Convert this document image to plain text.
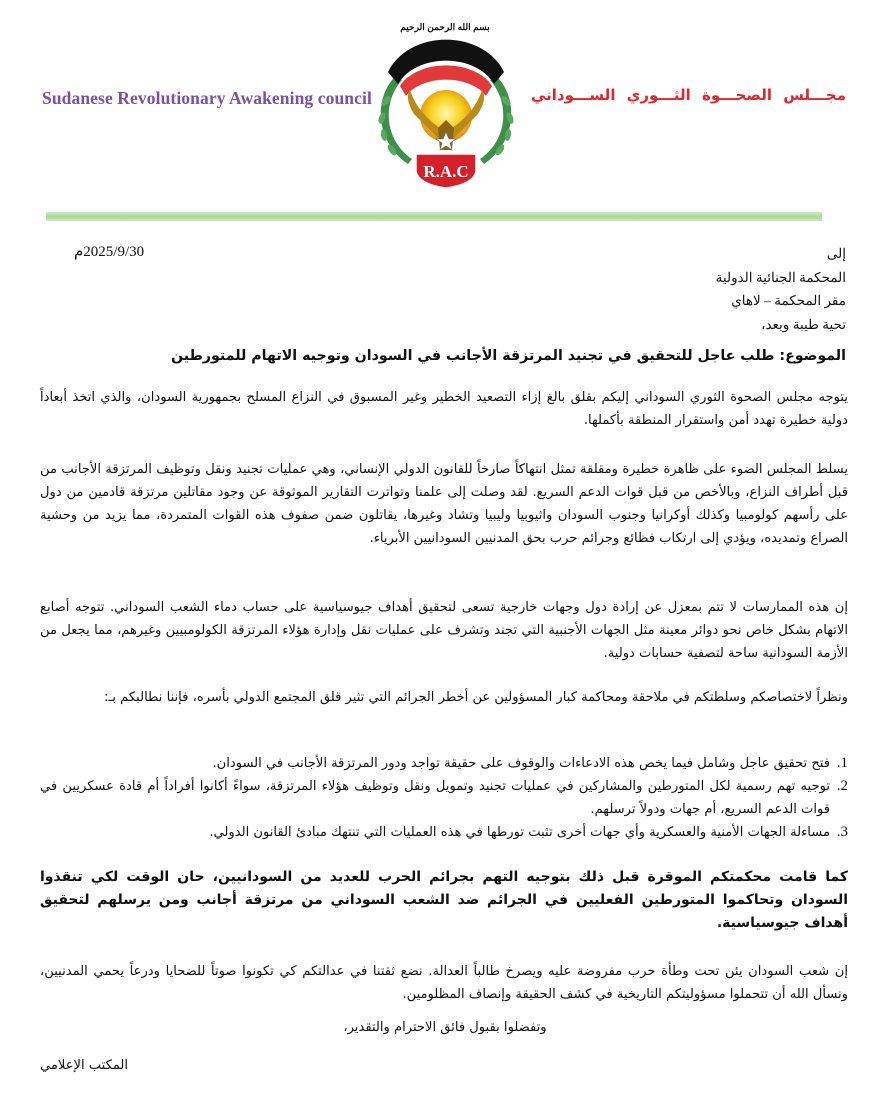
Sudanese Revolutionary Awakening council
بسم الله الرحمن الرحيم
R.A.C
مجـــلس الصحـــوة الثـــوري الســـوداني
2025/9/30م	إلى
المحكمة الجنائية الدولية
مقر المحكمة – لاهاي
تحية طيبة وبعد،
الموضوع: طلب عاجل للتحقيق في تجنيد المرتزقة الأجانب في السودان وتوجيه الاتهام للمتورطين

يتوجه مجلس الصحوة الثوري السوداني إليكم بقلق بالغ إزاء التصعيد الخطير وغير المسبوق في النزاع المسلح بجمهورية السودان، والذي اتخذ أبعاداً دولية خطيرة تهدد أمن واستقرار المنطقة بأكملها.

يسلط المجلس الضوء على ظاهرة خطيرة ومقلقة تمثل انتهاكاً صارخاً للقانون الدولي الإنساني، وهي عمليات تجنيد ونقل وتوظيف المرتزقة الأجانب من قبل أطراف النزاع، وبالأخص من قبل قوات الدعم السريع. لقد وصلت إلى علمنا وتواترت التقارير الموثوقة عن وجود مقاتلين مرتزقة قادمين من دول على رأسهم كولومبيا وكذلك أوكرانيا وجنوب السودان واثيوبيا وليبيا وتشاد وغيرها، يقاتلون ضمن صفوف هذه القوات المتمردة، مما يزيد من وحشية الصراع وتمديده، ويؤدي إلى ارتكاب فظائع وجرائم حرب بحق المدنيين السودانيين الأبرياء.

إن هذه الممارسات لا تتم بمعزل عن إرادة دول وجهات خارجية تسعى لتحقيق أهداف جيوسياسية على حساب دماء الشعب السوداني. تتوجه أصابع الاتهام بشكل خاص نحو دوائر معينة مثل الجهات الأجنبية التي تجند وتشرف على عمليات نقل وإدارة هؤلاء المرتزقة الكولومبيين وغيرهم، مما يجعل من الأزمة السودانية ساحة لتصفية حسابات دولية.

ونظراً لاختصاصكم وسلطتكم في ملاحقة ومحاكمة كبار المسؤولين عن أخطر الجرائم التي تثير قلق المجتمع الدولي بأسره، فإننا نطالبكم بـ:

1.
فتح تحقيق عاجل وشامل فيما يخص هذه الادعاءات والوقوف على حقيقة تواجد ودور المرتزقة الأجانب في السودان.
2.
توجيه تهم رسمية لكل المتورطين والمشاركين في عمليات تجنيد وتمويل ونقل وتوظيف هؤلاء المرتزقة، سواءً أكانوا أفراداً أم قادة عسكريين في قوات الدعم السريع، أم جهات ودولاً ترسلهم.
3.
مساءلة الجهات الأمنية والعسكرية وأي جهات أخرى تثبت تورطها في هذه العمليات التي تنتهك مبادئ القانون الدولي.

كما قامت محكمتكم الموقرة قبل ذلك بتوجيه التهم بجرائم الحرب للعديد من السودانيين، حان الوقت لكي تنقذوا السودان وتحاكموا المتورطين الفعليين في الجرائم ضد الشعب السوداني من مرتزقة أجانب ومن يرسلهم لتحقيق أهداف جيوسياسية.

إن شعب السودان يئن تحت وطأة حرب مفروضة عليه ويصرخ طالباً العدالة. نضع ثقتنا في عدالتكم كي تكونوا صوتاً للضحايا ودرعاً يحمي المدنيين، ونسأل الله أن تتحملوا مسؤوليتكم التاريخية في كشف الحقيقة وإنصاف المظلومين.

وتفضلوا بقبول فائق الاحترام والتقدير،
المكتب الإعلامي
